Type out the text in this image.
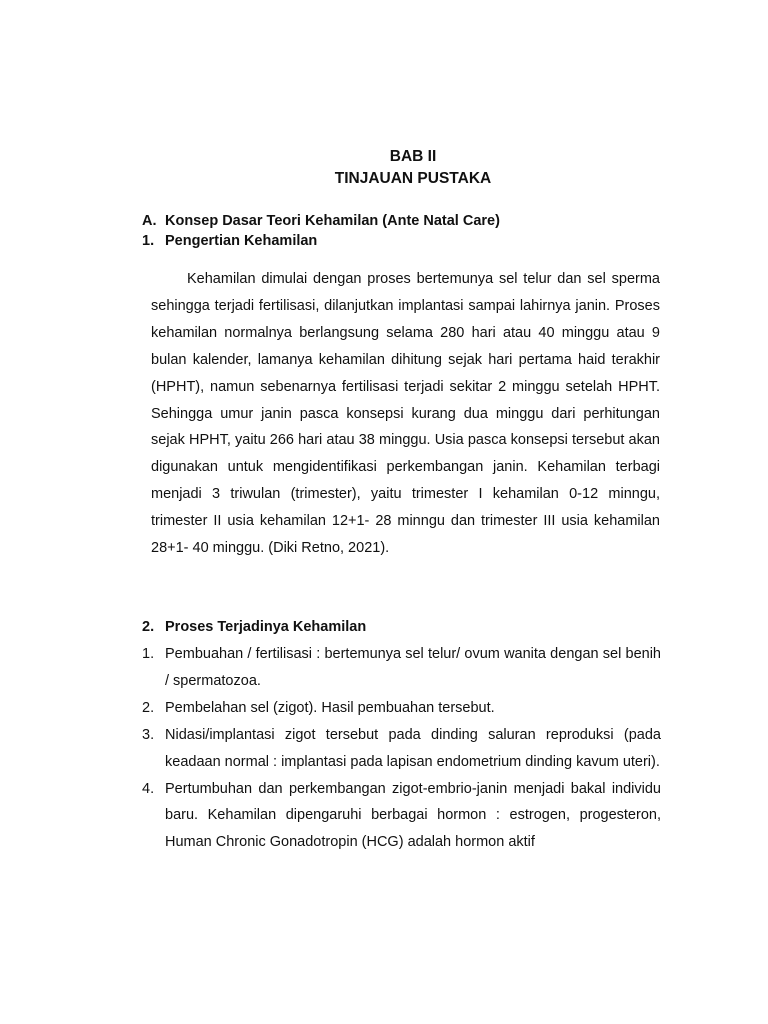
BAB II
TINJAUAN PUSTAKA
A. Konsep Dasar Teori Kehamilan (Ante Natal Care)
1. Pengertian Kehamilan

Kehamilan dimulai dengan proses bertemunya sel telur dan sel sperma sehingga terjadi fertilisasi, dilanjutkan implantasi sampai lahirnya janin. Proses kehamilan normalnya berlangsung selama 280 hari atau 40 minggu atau 9 bulan kalender, lamanya kehamilan dihitung sejak hari pertama haid terakhir (HPHT), namun sebenarnya fertilisasi terjadi sekitar 2 minggu setelah HPHT. Sehingga umur janin pasca konsepsi kurang dua minggu dari perhitungan sejak HPHT, yaitu 266 hari atau 38 minggu. Usia pasca konsepsi tersebut akan digunakan untuk mengidentifikasi perkembangan janin. Kehamilan terbagi menjadi 3 triwulan (trimester), yaitu trimester I kehamilan 0-12 minngu, trimester II usia kehamilan 12+1- 28 minngu dan trimester III usia kehamilan 28+1- 40 minggu. (Diki Retno, 2021).

2. Proses Terjadinya Kehamilan
1. Pembuahan / fertilisasi : bertemunya sel telur/ ovum wanita dengan sel benih / spermatozoa.
2. Pembelahan sel (zigot). Hasil pembuahan tersebut.
3. Nidasi/implantasi zigot tersebut pada dinding saluran reproduksi (pada keadaan normal : implantasi pada lapisan endometrium dinding kavum uteri).
4. Pertumbuhan dan perkembangan zigot-embrio-janin menjadi bakal individu baru. Kehamilan dipengaruhi berbagai hormon : estrogen, progesteron, Human Chronic Gonadotropin (HCG) adalah hormon aktif
